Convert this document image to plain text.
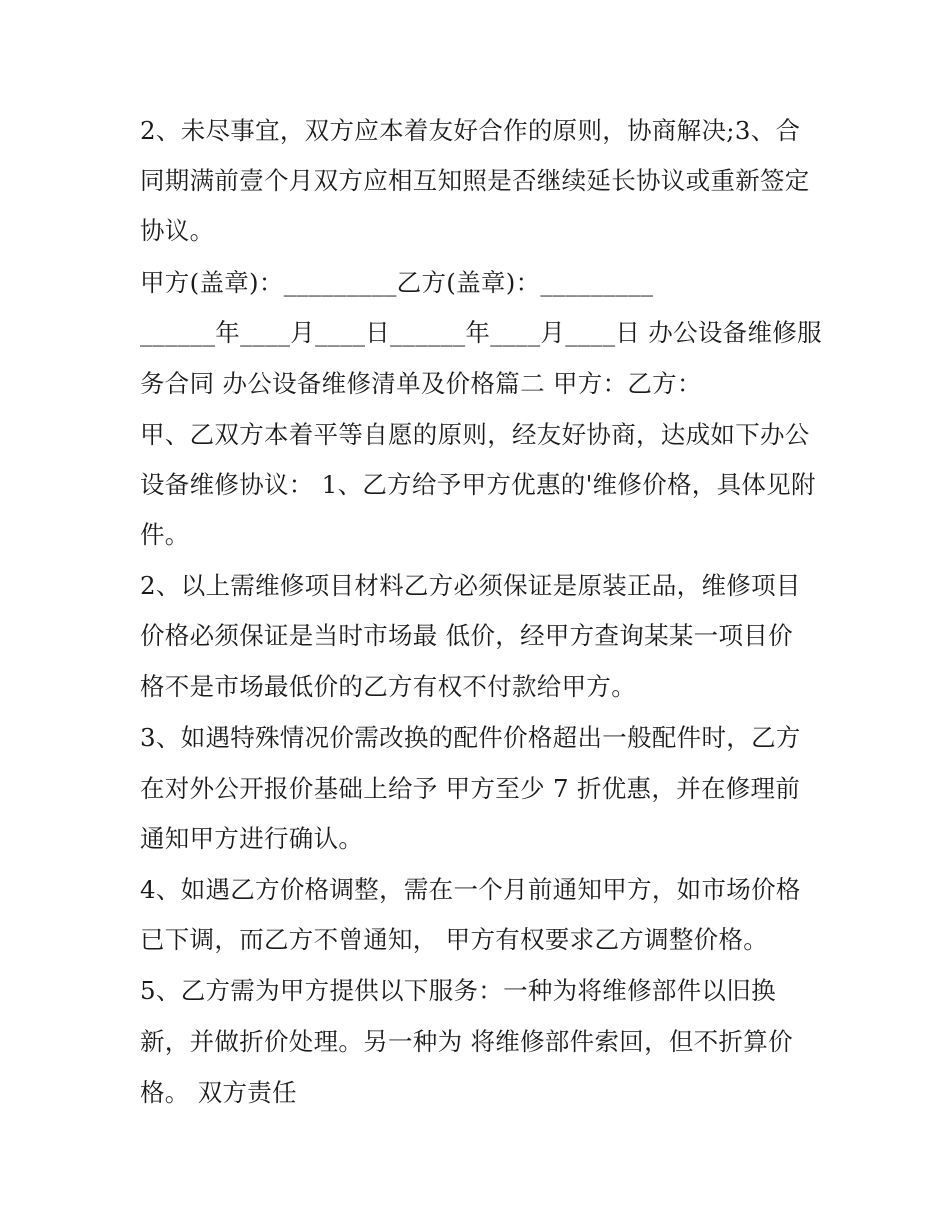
2、未尽事宜，双方应本着友好合作的原则，协商解决;3、合
同期满前壹个月双方应相互知照是否继续延长协议或重新签定
协议。
甲方(盖章)：_________乙方(盖章)：_________
______年____月____日______年____月____日 办公设备维修服
务合同 办公设备维修清单及价格篇二 甲方：乙方：
甲、乙双方本着平等自愿的原则，经友好协商，达成如下办公
设备维修协议： 1、乙方给予甲方优惠的'维修价格，具体见附
件。
2、以上需维修项目材料乙方必须保证是原装正品，维修项目
价格必须保证是当时市场最 低价，经甲方查询某某一项目价
格不是市场最低价的乙方有权不付款给甲方。
3、如遇特殊情况价需改换的配件价格超出一般配件时，乙方
在对外公开报价基础上给予 甲方至少 7 折优惠，并在修理前
通知甲方进行确认。
4、如遇乙方价格调整，需在一个月前通知甲方，如市场价格
已下调，而乙方不曾通知， 甲方有权要求乙方调整价格。
5、乙方需为甲方提供以下服务：一种为将维修部件以旧换
新，并做折价处理。另一种为 将维修部件索回，但不折算价
格。 双方责任
